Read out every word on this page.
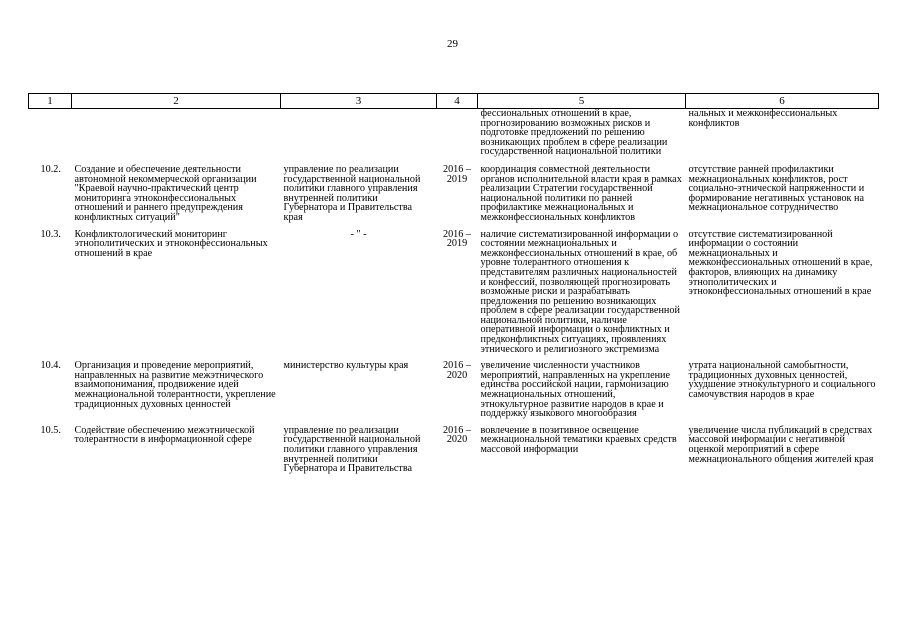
29
1	2	3	4	5	6
				фессиональных отношений в крае, прогнозированию возможных рисков и подготовке предложений по решению возникающих проблем в сфере реализации государственной национальной политики	нальных и межконфессиональных конфликтов
10.2.	Создание и обеспечение деятельности автономной некоммерческой организации "Краевой научно-практический центр мониторинга этноконфессиональных отношений и раннего предупреждения конфликтных ситуаций"	управление по реализации государственной национальной политики главного управления внутренней политики Губернатора и Правительства края	2016 – 2019	координация совместной деятельности органов исполнительной власти края в рамках реализации Стратегии государственной национальной политики по ранней профилактике межнациональных и межконфессиональных конфликтов	отсутствие ранней профилактики межнациональных конфликтов, рост социально-этнической напряженности и формирование негативных установок на межнациональное сотрудничество
10.3.	Конфликтологический мониторинг этнополитических и этноконфессиональных отношений в крае	- " -	2016 – 2019	наличие систематизированной информации о состоянии межнациональных и межконфессиональных отношений в крае, об уровне толерантного отношения к представителям различных национальностей и конфессий, позволяющей прогнозировать возможные риски и разрабатывать предложения по решению возникающих проблем в сфере реализации государственной национальной политики, наличие оперативной информации о конфликтных и предконфликтных ситуациях, проявлениях этнического и религиозного экстремизма	отсутствие систематизированной информации о состоянии межнациональных и межконфессиональных отношений в крае, факторов, влияющих на динамику этнополитических и этноконфессиональных отношений в крае
10.4.	Организация и проведение мероприятий, направленных на развитие межэтнического взаимопонимания, продвижение идей межнациональной толерантности, укрепление традиционных духовных ценностей	министерство культуры края	2016 – 2020	увеличение численности участников мероприятий, направленных на укрепление единства российской нации, гармонизацию межнациональных отношений, этнокультурное развитие народов в крае и поддержку языкового многообразия	утрата национальной самобытности, традиционных духовных ценностей, ухудшение этнокультурного и социального самочувствия народов в крае
10.5.	Содействие обеспечению межэтнической толерантности в информационной сфере	управление по реализации государственной национальной политики главного управления внутренней политики Губернатора и Правительства	2016 – 2020	вовлечение в позитивное освещение межнациональной тематики краевых средств массовой информации	увеличение числа публикаций в средствах массовой информации с негативной оценкой мероприятий в сфере межнационального общения жителей края
